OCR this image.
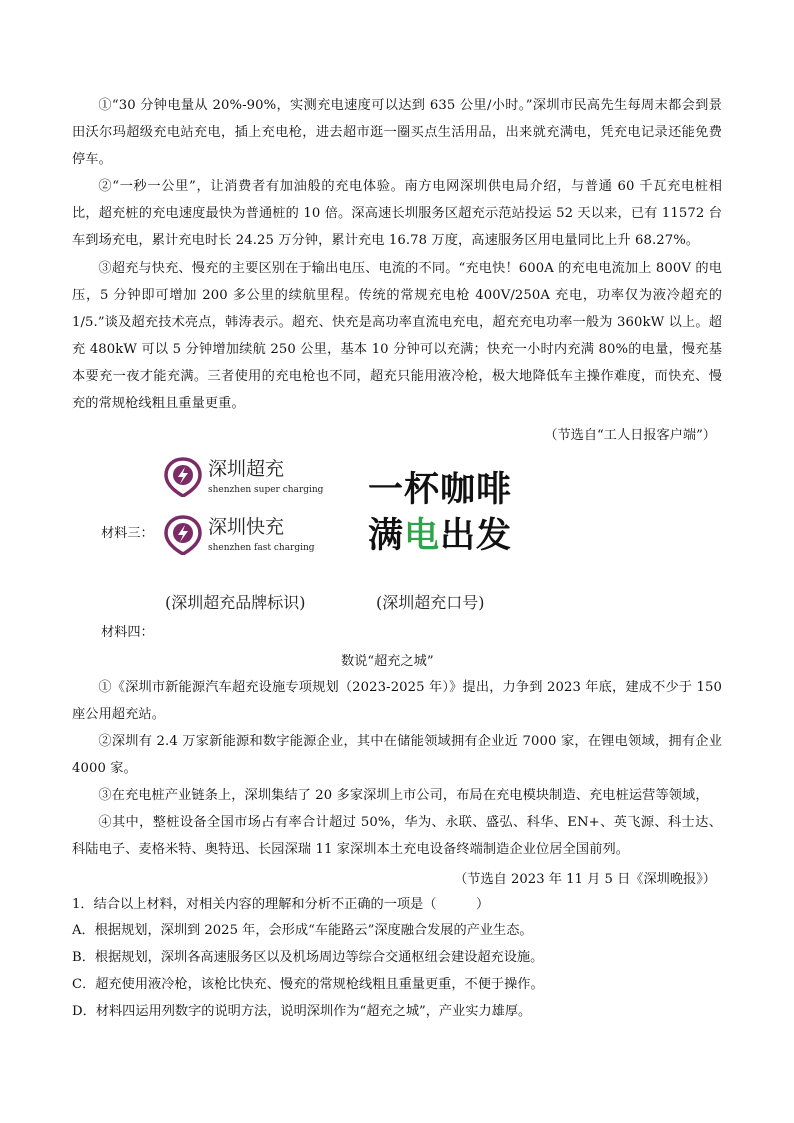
①“30 分钟电量从 20%-90%，实测充电速度可以达到 635 公里/小时。”深圳市民高先生每周末都会到景田沃尔玛超级充电站充电，插上充电枪，进去超市逛一圈买点生活用品，出来就充满电，凭充电记录还能免费停车。

②“一秒一公里”，让消费者有加油般的充电体验。南方电网深圳供电局介绍，与普通 60 千瓦充电桩相比，超充桩的充电速度最快为普通桩的 10 倍。深高速长圳服务区超充示范站投运 52 天以来，已有 11572 台车到场充电，累计充电时长 24.25 万分钟，累计充电 16.78 万度，高速服务区用电量同比上升 68.27%。

③超充与快充、慢充的主要区别在于输出电压、电流的不同。“充电快！600A 的充电电流加上 800V 的电压，5 分钟即可增加 200 多公里的续航里程。传统的常规充电枪 400V/250A 充电，功率仅为液冷超充的 1/5.”谈及超充技术亮点，韩涛表示。超充、快充是高功率直流电充电，超充充电功率一般为 360kW 以上。超充 480kW 可以 5 分钟增加续航 250 公里，基本 10 分钟可以充满；快充一小时内充满 80%的电量，慢充基本要充一夜才能充满。三者使用的充电枪也不同，超充只能用液冷枪，极大地降低车主操作难度，而快充、慢充的常规枪线粗且重量更重。

（节选自“工人日报客户端”）
材料三：
深圳超充
shenzhen super charging
深圳快充
shenzhen fast charging
一杯咖啡
满电出发
(深圳超充品牌标识)	(深圳超充口号)
材料四：
数说“超充之城”

①《深圳市新能源汽车超充设施专项规划（2023-2025 年）》提出，力争到 2023 年底，建成不少于 150 座公用超充站。

②深圳有 2.4 万家新能源和数字能源企业，其中在储能领域拥有企业近 7000 家，在锂电领域，拥有企业 4000 家。

③在充电桩产业链条上，深圳集结了 20 多家深圳上市公司，布局在充电模块制造、充电桩运营等领域，

④其中，整桩设备全国市场占有率合计超过 50%，华为、永联、盛弘、科华、EN+、英飞源、科士达、科陆电子、麦格米特、奥特迅、长园深瑞 11 家深圳本土充电设备终端制造企业位居全国前列。

（节选自 2023 年 11 月 5 日《深圳晚报》）
1．结合以上材料，对相关内容的理解和分析不正确的一项是（　　　）
A．根据规划，深圳到 2025 年，会形成“车能路云”深度融合发展的产业生态。
B．根据规划，深圳各高速服务区以及机场周边等综合交通枢纽会建设超充设施。
C．超充使用液冷枪，该枪比快充、慢充的常规枪线粗且重量更重，不便于操作。
D．材料四运用列数字的说明方法，说明深圳作为“超充之城”，产业实力雄厚。
